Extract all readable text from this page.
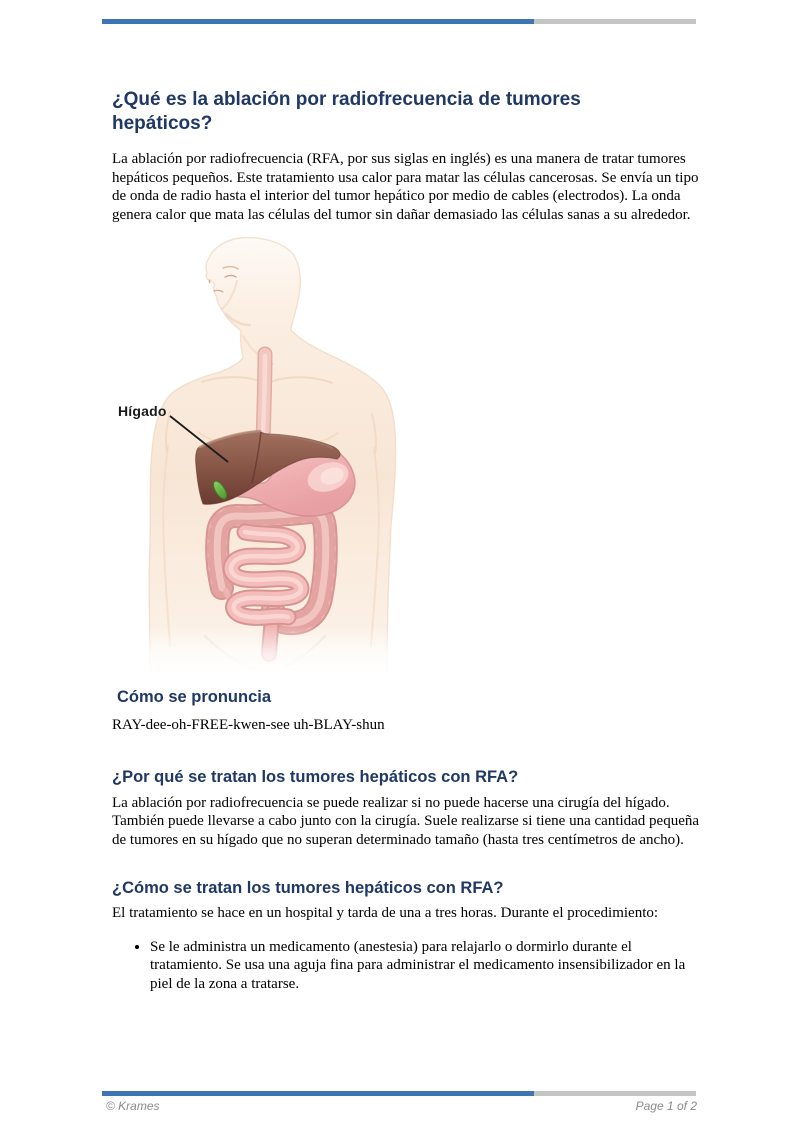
¿Qué es la ablación por radiofrecuencia de tumores hepáticos?

La ablación por radiofrecuencia (RFA, por sus siglas en inglés) es una manera de tratar tumores hepáticos pequeños. Este tratamiento usa calor para matar las células cancerosas. Se envía un tipo de onda de radio hasta el interior del tumor hepático por medio de cables (electrodos). La onda genera calor que mata las células del tumor sin dañar demasiado las células sanas a su alrededor.

Hígado
Cómo se pronuncia

RAY-dee-oh-FREE-kwen-see uh-BLAY-shun

¿Por qué se tratan los tumores hepáticos con RFA?

La ablación por radiofrecuencia se puede realizar si no puede hacerse una cirugía del hígado. También puede llevarse a cabo junto con la cirugía. Suele realizarse si tiene una cantidad pequeña de tumores en su hígado que no superan determinado tamaño (hasta tres centímetros de ancho).

¿Cómo se tratan los tumores hepáticos con RFA?

El tratamiento se hace en un hospital y tarda de una a tres horas. Durante el procedimiento:

• Se le administra un medicamento (anestesia) para relajarlo o dormirlo durante el tratamiento. Se usa una aguja fina para administrar el medicamento insensibilizador en la piel de la zona a tratarse.
© Krames	Page 1 of 2
